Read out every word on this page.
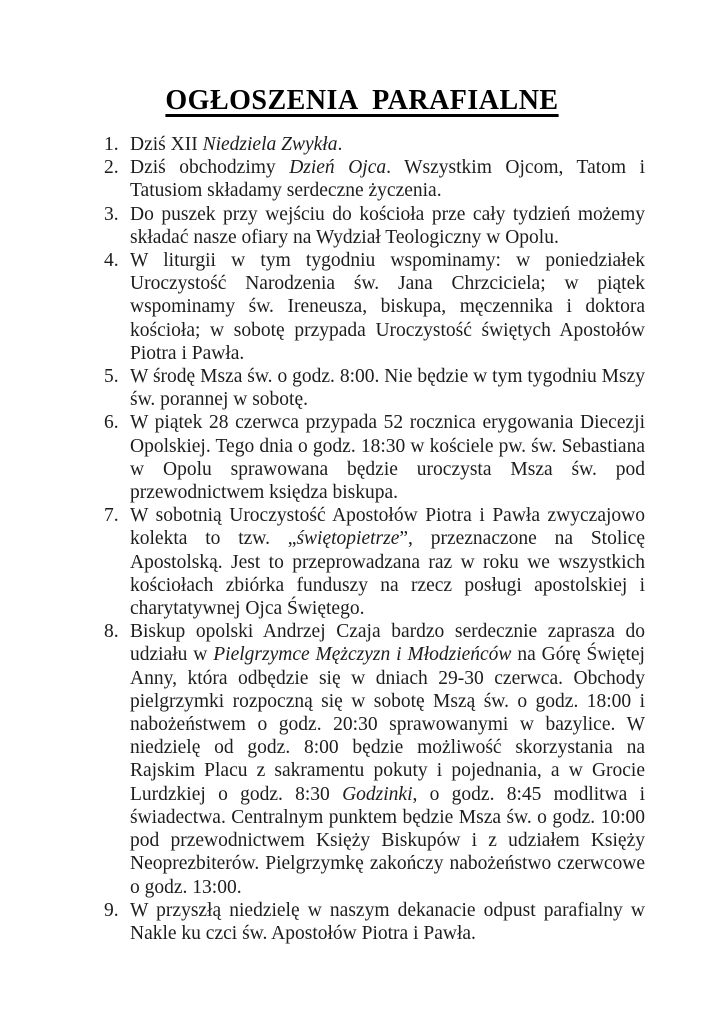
OGŁOSZENIA  PARAFIALNE
1. Dziś XII Niedziela Zwykła.
2. Dziś obchodzimy Dzień Ojca. Wszystkim Ojcom, Tatom i Tatusiom składamy serdeczne życzenia.
3. Do puszek przy wejściu do kościoła prze cały tydzień możemy składać nasze ofiary na Wydział Teologiczny w Opolu.
4. W liturgii w tym tygodniu wspominamy: w poniedziałek Uroczystość Narodzenia św. Jana Chrzciciela; w piątek wspominamy św. Ireneusza, biskupa, męczennika i doktora kościoła; w sobotę przypada Uroczystość świętych Apostołów Piotra i Pawła.
5. W środę Msza św. o godz. 8:00. Nie będzie w tym tygodniu Mszy św. porannej w sobotę.
6. W piątek 28 czerwca przypada 52 rocznica erygowania Diecezji Opolskiej. Tego dnia o godz. 18:30 w kościele pw. św. Sebastiana w Opolu sprawowana będzie uroczysta Msza św. pod przewodnictwem księdza biskupa.
7. W sobotnią Uroczystość Apostołów Piotra i Pawła zwyczajowo kolekta to tzw. „świętopietrze”, przeznaczone na Stolicę Apostolską. Jest to przeprowadzana raz w roku we wszystkich kościołach zbiórka funduszy na rzecz posługi apostolskiej i charytatywnej Ojca Świętego.
8. Biskup opolski Andrzej Czaja bardzo serdecznie zaprasza do udziału w Pielgrzymce Mężczyzn i Młodzieńców na Górę Świętej Anny, która odbędzie się w dniach 29-30 czerwca. Obchody pielgrzymki rozpoczną się w sobotę Mszą św. o godz. 18:00 i nabożeństwem o godz. 20:30 sprawowanymi w bazylice. W niedzielę od godz. 8:00 będzie możliwość skorzystania na Rajskim Placu z sakramentu pokuty i pojednania, a w Grocie Lurdzkiej o godz. 8:30 Godzinki, o godz. 8:45 modlitwa i świadectwa. Centralnym punktem będzie Msza św. o godz. 10:00 pod przewodnictwem Księży Biskupów i z udziałem Księży Neoprezbiterów. Pielgrzymkę zakończy nabożeństwo czerwcowe o godz. 13:00.
9. W przyszłą niedzielę w naszym dekanacie odpust parafialny w Nakle ku czci św. Apostołów Piotra i Pawła.
